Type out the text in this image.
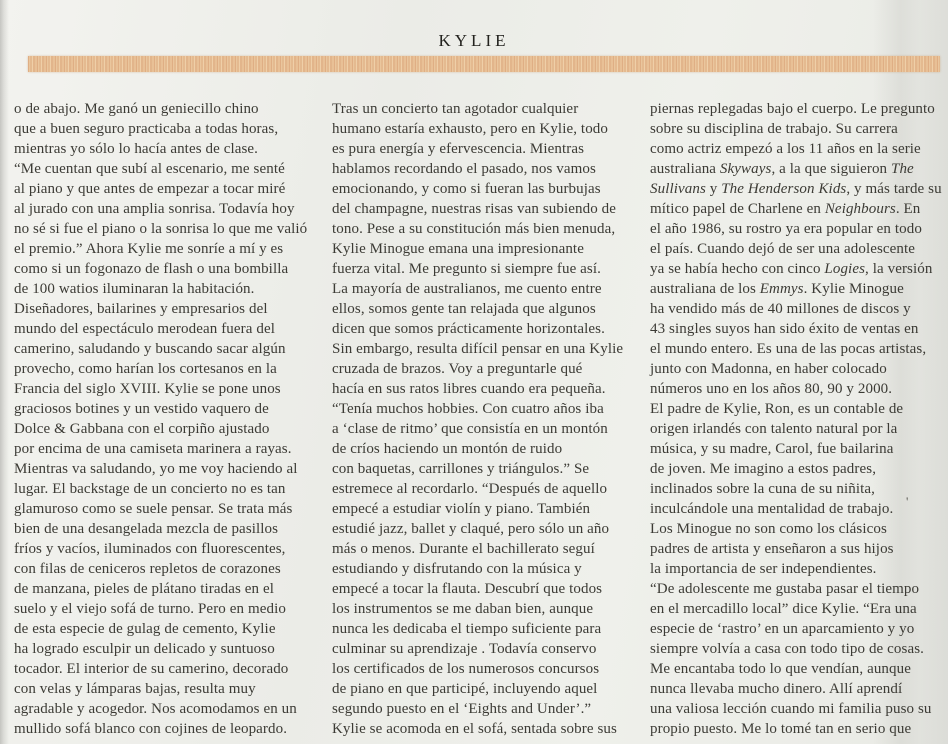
KYLIE
o de abajo. Me ganó un geniecillo chino
que a buen seguro practicaba a todas horas,
mientras yo sólo lo hacía antes de clase.
“Me cuentan que subí al escenario, me senté
al piano y que antes de empezar a tocar miré
al jurado con una amplia sonrisa. Todavía hoy
no sé si fue el piano o la sonrisa lo que me valió
el premio.” Ahora Kylie me sonríe a mí y es
como si un fogonazo de flash o una bombilla
de 100 watios iluminaran la habitación.
Diseñadores, bailarines y empresarios del
mundo del espectáculo merodean fuera del
camerino, saludando y buscando sacar algún
provecho, como harían los cortesanos en la
Francia del siglo XVIII. Kylie se pone unos
graciosos botines y un vestido vaquero de
Dolce & Gabbana con el corpiño ajustado
por encima de una camiseta marinera a rayas.
Mientras va saludando, yo me voy haciendo al
lugar. El backstage de un concierto no es tan
glamuroso como se suele pensar. Se trata más
bien de una desangelada mezcla de pasillos
fríos y vacíos, iluminados con fluorescentes,
con filas de ceniceros repletos de corazones
de manzana, pieles de plátano tiradas en el
suelo y el viejo sofá de turno. Pero en medio
de esta especie de gulag de cemento, Kylie
ha logrado esculpir un delicado y suntuoso
tocador. El interior de su camerino, decorado
con velas y lámparas bajas, resulta muy
agradable y acogedor. Nos acomodamos en un
mullido sofá blanco con cojines de leopardo.
Tras un concierto tan agotador cualquier
humano estaría exhausto, pero en Kylie, todo
es pura energía y efervescencia. Mientras
hablamos recordando el pasado, nos vamos
emocionando, y como si fueran las burbujas
del champagne, nuestras risas van subiendo de
tono. Pese a su constitución más bien menuda,
Kylie Minogue emana una impresionante
fuerza vital. Me pregunto si siempre fue así.
La mayoría de australianos, me cuento entre
ellos, somos gente tan relajada que algunos
dicen que somos prácticamente horizontales.
Sin embargo, resulta difícil pensar en una Kylie
cruzada de brazos. Voy a preguntarle qué
hacía en sus ratos libres cuando era pequeña.
“Tenía muchos hobbies. Con cuatro años iba
a ‘clase de ritmo’ que consistía en un montón
de críos haciendo un montón de ruido
con baquetas, carrillones y triángulos.” Se
estremece al recordarlo. “Después de aquello
empecé a estudiar violín y piano. También
estudié jazz, ballet y claqué, pero sólo un año
más o menos. Durante el bachillerato seguí
estudiando y disfrutando con la música y
empecé a tocar la flauta. Descubrí que todos
los instrumentos se me daban bien, aunque
nunca les dedicaba el tiempo suficiente para
culminar su aprendizaje . Todavía conservo
los certificados de los numerosos concursos
de piano en que participé, incluyendo aquel
segundo puesto en el ‘Eights and Under’.”
Kylie se acomoda en el sofá, sentada sobre sus
piernas replegadas bajo el cuerpo. Le pregunto
sobre su disciplina de trabajo. Su carrera
como actriz empezó a los 11 años en la serie
australiana Skyways, a la que siguieron The
Sullivans y The Henderson Kids, y más tarde su
mítico papel de Charlene en Neighbours. En
el año 1986, su rostro ya era popular en todo
el país. Cuando dejó de ser una adolescente
ya se había hecho con cinco Logies, la versión
australiana de los Emmys. Kylie Minogue
ha vendido más de 40 millones de discos y
43 singles suyos han sido éxito de ventas en
el mundo entero. Es una de las pocas artistas,
junto con Madonna, en haber colocado
números uno en los años 80, 90 y 2000.
El padre de Kylie, Ron, es un contable de
origen irlandés con talento natural por la
música, y su madre, Carol, fue bailarina
de joven. Me imagino a estos padres,
inclinados sobre la cuna de su niñita,
inculcándole una mentalidad de trabajo.
Los Minogue no son como los clásicos
padres de artista y enseñaron a sus hijos
la importancia de ser independientes.
“De adolescente me gustaba pasar el tiempo
en el mercadillo local” dice Kylie. “Era una
especie de ‘rastro’ en un aparcamiento y yo
siempre volvía a casa con todo tipo de cosas.
Me encantaba todo lo que vendían, aunque
nunca llevaba mucho dinero. Allí aprendí
una valiosa lección cuando mi familia puso su
propio puesto. Me lo tomé tan en serio que
'
